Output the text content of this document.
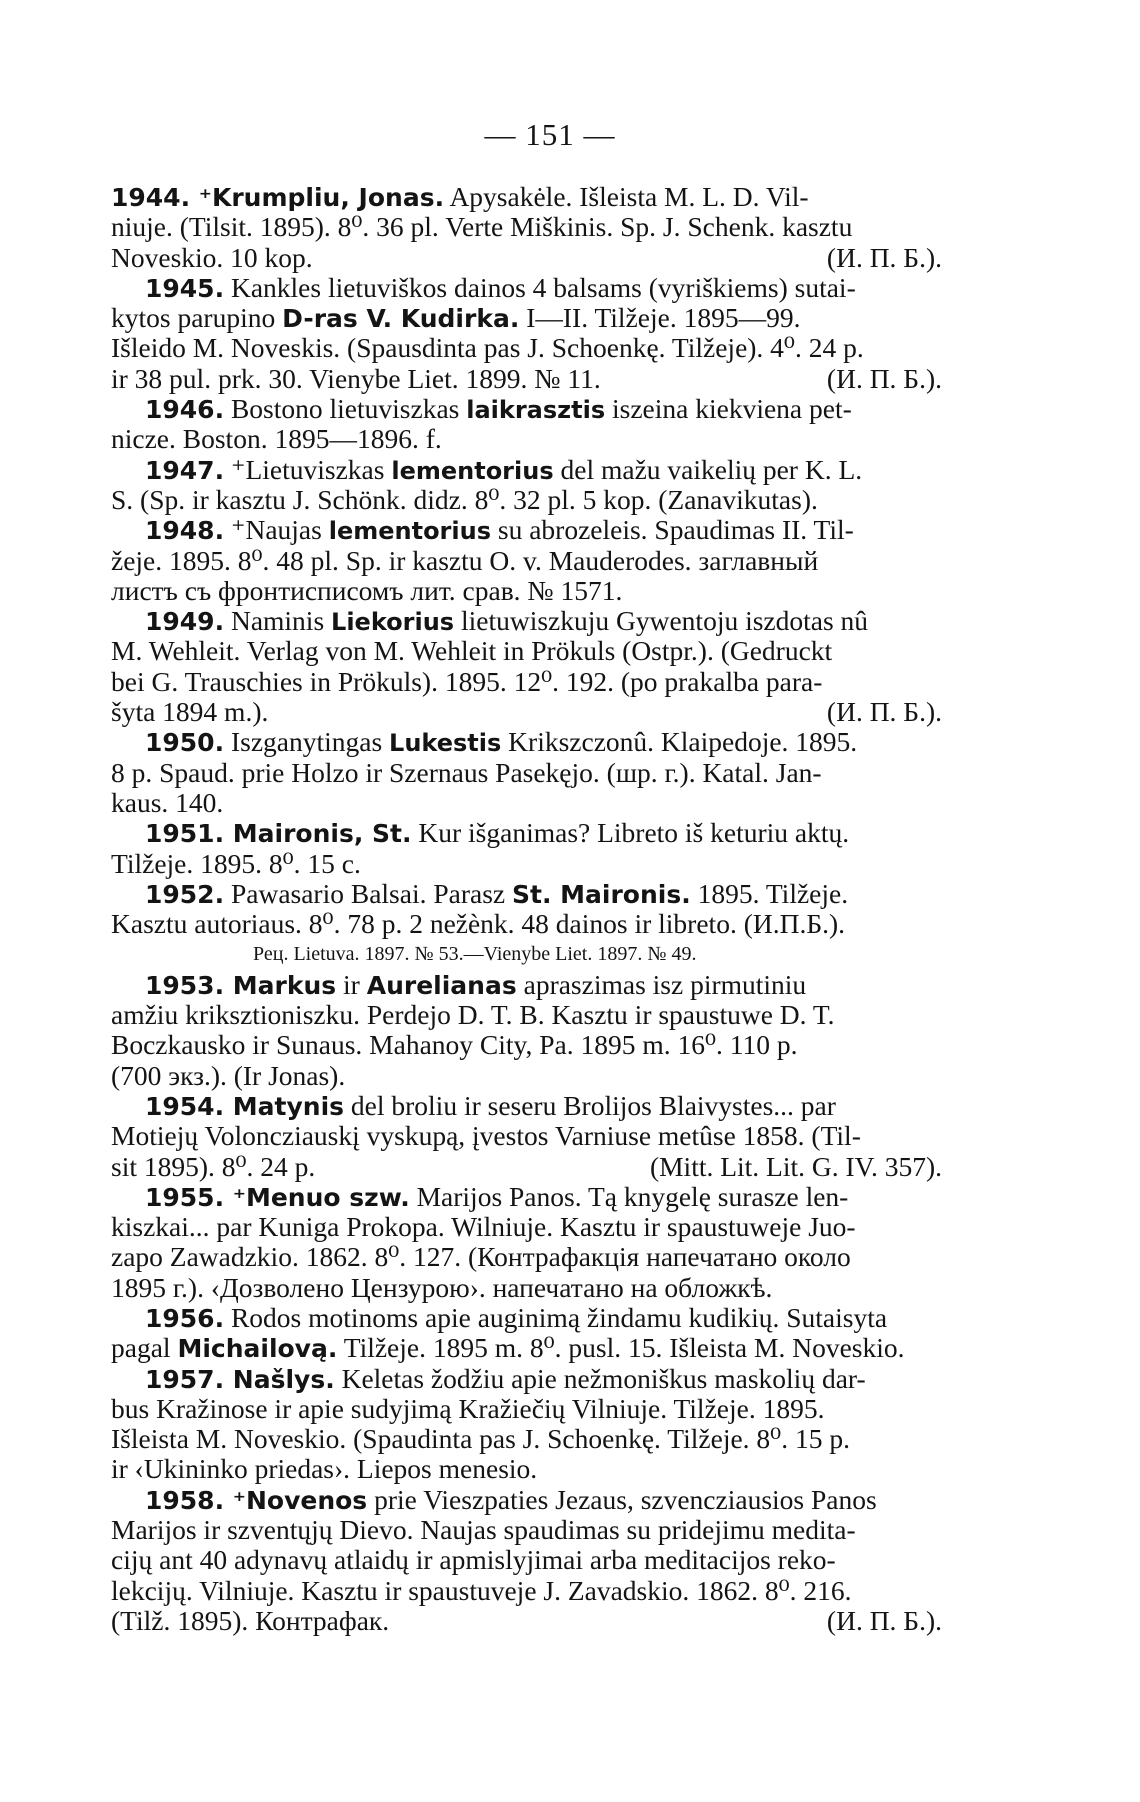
— 151 —
1944. ⁺Krumpliu, Jonas. Apysakėle. Išleista M. L. D. Vil-
niuje. (Tilsit. 1895). 8⁰. 36 pl. Verte Miškinis. Sp. J. Schenk. kasztu
Noveskio. 10 kop.	(И. П. Б.).
1945. Kankles lietuviškos dainos 4 balsams (vyriškiems) sutai-
kytos parupino D-ras V. Kudirka. I—II. Tilžeje. 1895—99.
Išleido M. Noveskis. (Spausdinta pas J. Schoenkę. Tilžeje). 4⁰. 24 p.
ir 38 pul. prk. 30. Vienybe Liet. 1899. № 11.	(И. П. Б.).
1946. Bostono lietuviszkas laikrasztis iszeina kiekviena pet-
nicze. Boston. 1895—1896. f.
1947. ⁺Lietuviszkas lementorius del mažu vaikelių per K. L.
S. (Sp. ir kasztu J. Schönk. didz. 8⁰. 32 pl. 5 kop. (Zanavikutas).
1948. ⁺Naujas lementorius su abrozeleis. Spaudimas II. Til-
žeje. 1895. 8⁰. 48 pl. Sp. ir kasztu O. v. Mauderodes. заглавный
листъ съ фронтисписомъ лит. срав. № 1571.
1949. Naminis Liekorius lietuwiszkuju Gywentoju iszdotas nû
M. Wehleit. Verlag von M. Wehleit in Prökuls (Ostpr.). (Gedruckt
bei G. Trauschies in Prökuls). 1895. 12⁰. 192. (po prakalba para-
šyta 1894 m.).	(И. П. Б.).
1950. Iszganytingas Lukestis Krikszczonû. Klaipedoje. 1895.
8 p. Spaud. prie Holzo ir Szernaus Pasekęjo. (шр. г.). Katal. Jan-
kaus. 140.
1951. Maironis, St. Kur išganimas? Libreto iš keturiu aktų.
Tilžeje. 1895. 8⁰. 15 с.
1952. Pawasario Balsai. Parasz St. Maironis. 1895. Tilžeje.
Kasztu autoriaus. 8⁰. 78 p. 2 nežènk. 48 dainos ir libreto. (И.П.Б.).
Рец. Lietuva. 1897. № 53.—Vienybe Liet. 1897. № 49.
1953. Markus ir Aurelianas apraszimas isz pirmutiniu
amžiu krikszti​oniszku. Perdejo D. T. B. Kasztu ir spaustuwe D. T.
Boczkausko ir Sunaus. Mahanoy City, Pa. 1895 m. 16⁰. 110 p.
(700 экз.). (Ir Jonas).
1954. Matynis del broliu ir seseru Brolijos Blaivystes... par
Motiejų Volonczi​auskį vyskupą, įvestos Varniuse metûse 1858. (Til-
sit 1895). 8⁰. 24 p.	(Mitt. Lit. Lit. G. IV. 357).
1955. ⁺Menuo szw. Marijos Panos. Tą knygelę surasze len-
kiszkai... par Kuniga Prokopa. Wilniuje. Kasztu ir spaustuweje Juo-
zapo Zawadzkio. 1862. 8⁰. 127. (Контрафакція напечатано около
1895 г.). ‹Дозволено Цензурою›. напечатано на обложкѣ.
1956. Rodos motinoms apie auginimą žindamu kudikių. Sutaisyta
pagal Michailovą. Tilžeje. 1895 m. 8⁰. pusl. 15. Išleista M. Noveskio.
1957. Našlys. Keletas žodžiu apie nežmoniškus maskolių dar-
bus Kražinose ir apie sudyjimą Kražiečių Vilniuje. Tilžeje. 1895.
Išleista M. Noveskio. (Spaudinta pas J. Schoenkę. Tilžeje. 8⁰. 15 p.
ir ‹Ukininko priedas›. Liepos menesio.
1958. ⁺Novenos prie Vieszpaties Jezaus, szvencziausios Panos
Marijos ir szventųjų Dievo. Naujas spaudimas su pridejimu medita-
cijų ant 40 adynavų atlaidų ir apmislyjimai arba meditacijos reko-
lekcijų. Vilniuje. Kasztu ir spaustuveje J. Zavadskio. 1862. 8⁰. 216.
(Tilž. 1895). Контрафак.	(И. П. Б.).
